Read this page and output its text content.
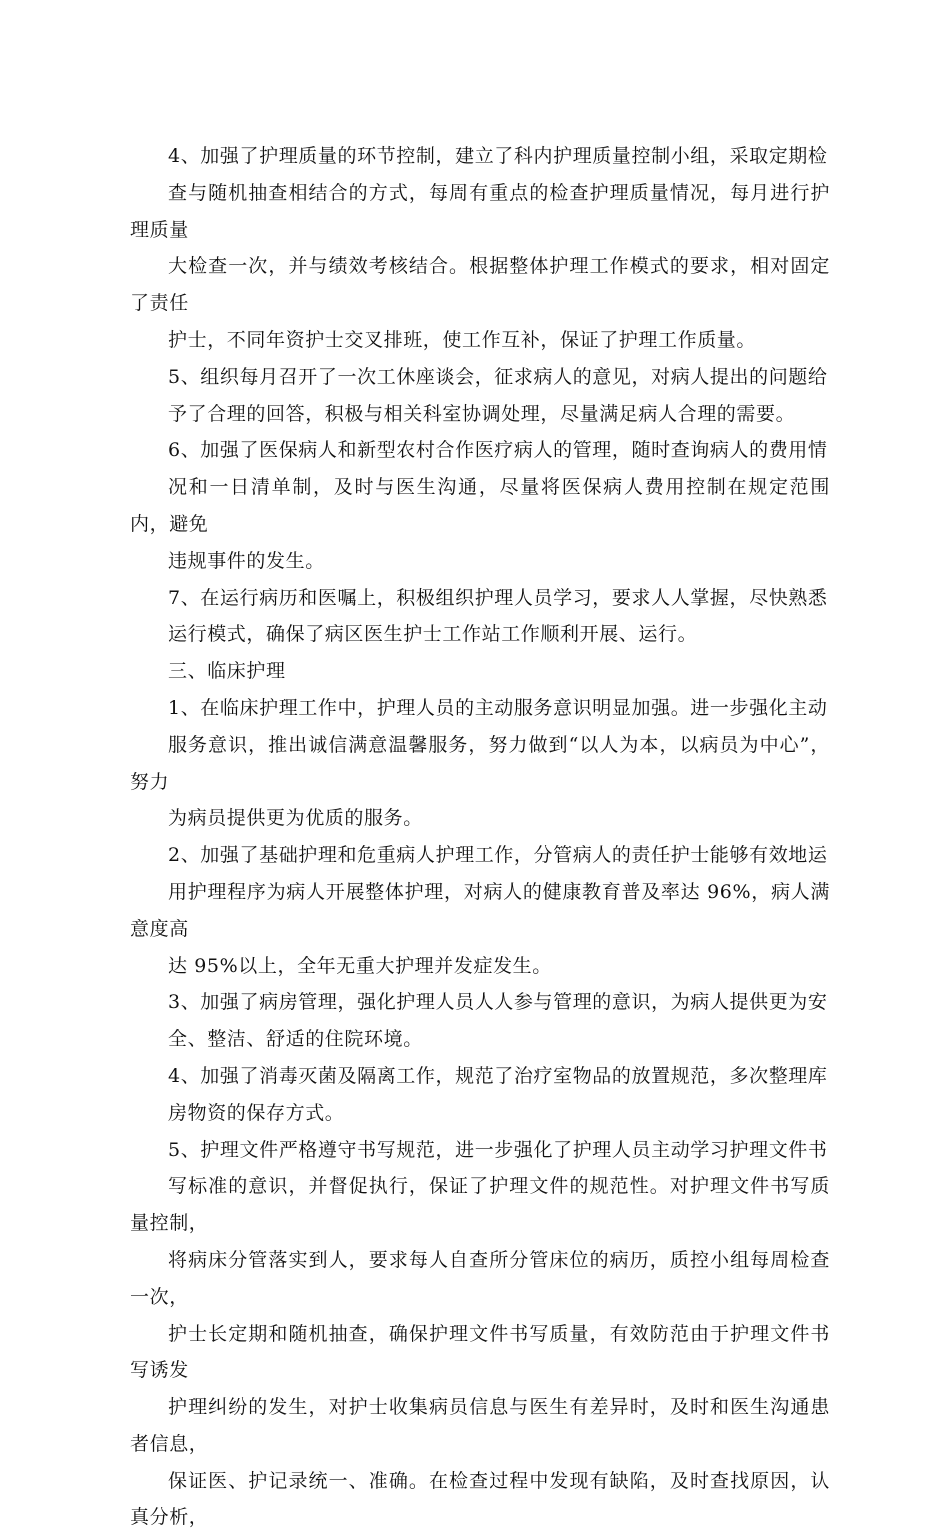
4、加强了护理质量的环节控制，建立了科内护理质量控制小组，采取定期检
查与随机抽查相结合的方式，每周有重点的检查护理质量情况，每月进行护理质量
大检查一次，并与绩效考核结合。根据整体护理工作模式的要求，相对固定了责任
护士，不同年资护士交叉排班，使工作互补，保证了护理工作质量。

5、组织每月召开了一次工休座谈会，征求病人的意见，对病人提出的问题给
予了合理的回答，积极与相关科室协调处理，尽量满足病人合理的需要。

6、加强了医保病人和新型农村合作医疗病人的管理，随时查询病人的费用情
况和一日清单制，及时与医生沟通，尽量将医保病人费用控制在规定范围内，避免
违规事件的发生。

7、在运行病历和医嘱上，积极组织护理人员学习，要求人人掌握，尽快熟悉
运行模式，确保了病区医生护士工作站工作顺利开展、运行。

三、临床护理

1、在临床护理工作中，护理人员的主动服务意识明显加强。进一步强化主动
服务意识，推出诚信满意温馨服务，努力做到“以人为本，以病员为中心”，努力
为病员提供更为优质的服务。

2、加强了基础护理和危重病人护理工作，分管病人的责任护士能够有效地运
用护理程序为病人开展整体护理，对病人的健康教育普及率达 96%，病人满意度高
达 95%以上，全年无重大护理并发症发生。

3、加强了病房管理，强化护理人员人人参与管理的意识，为病人提供更为安
全、整洁、舒适的住院环境。

4、加强了消毒灭菌及隔离工作，规范了治疗室物品的放置规范，多次整理库
房物资的保存方式。

5、护理文件严格遵守书写规范，进一步强化了护理人员主动学习护理文件书
写标准的意识，并督促执行，保证了护理文件的规范性。对护理文件书写质量控制，
将病床分管落实到人，要求每人自查所分管床位的病历，质控小组每周检查一次，
护士长定期和随机抽查，确保护理文件书写质量，有效防范由于护理文件书写诱发
护理纠纷的发生，对护士收集病员信息与医生有差异时，及时和医生沟通患者信息，
保证医、护记录统一、准确。在检查过程中发现有缺陷，及时查找原因，认真分析，
